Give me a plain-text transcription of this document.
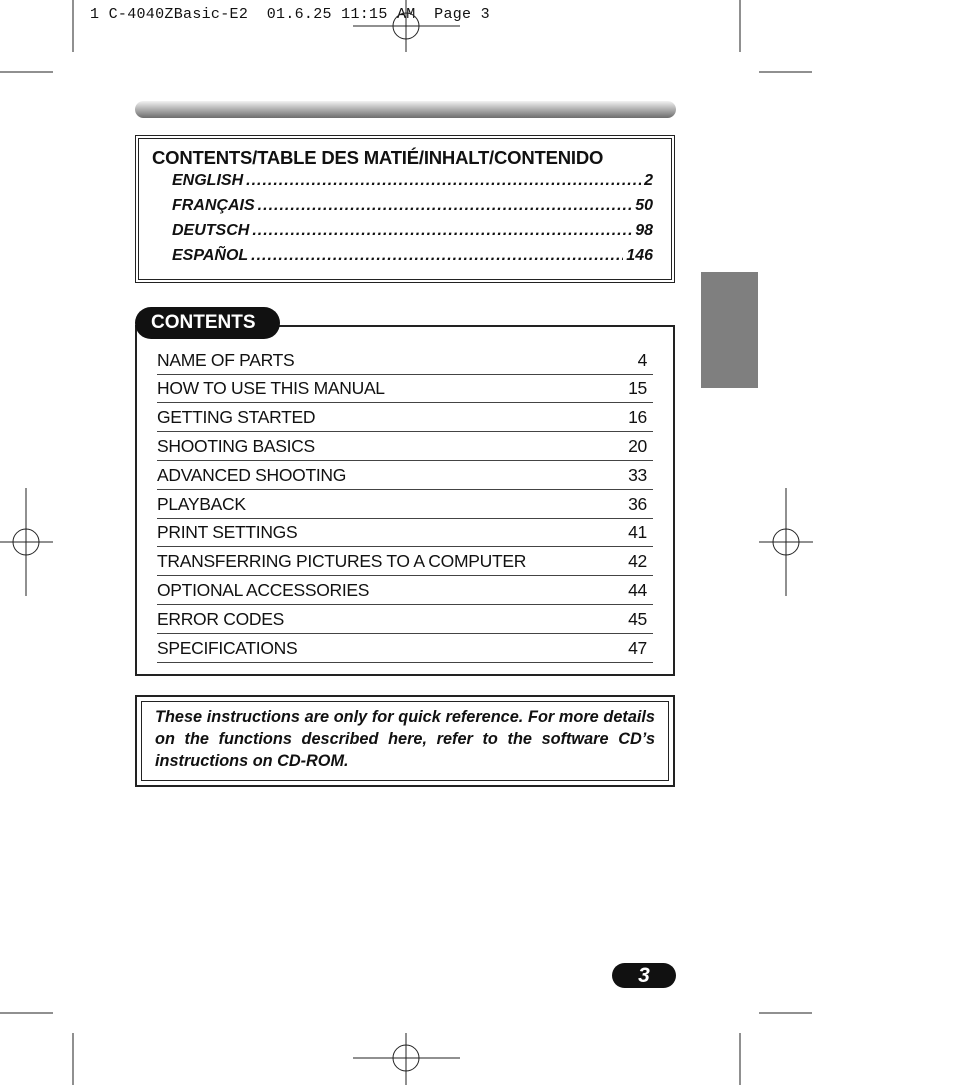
1 C-4040ZBasic-E2  01.6.25 11:15 AM  Page 3
CONTENTS/TABLE DES MATIÉ/INHALT/CONTENIDO
ENGLISH .....	2
FRANÇAIS .....	50
DEUTSCH .....	98
ESPAÑOL .....	146
CONTENTS
NAME OF PARTS	4
HOW TO USE THIS MANUAL	15
GETTING STARTED	16
SHOOTING BASICS	20
ADVANCED SHOOTING	33
PLAYBACK	36
PRINT SETTINGS	41
TRANSFERRING PICTURES TO A COMPUTER	42
OPTIONAL ACCESSORIES	44
ERROR CODES	45
SPECIFICATIONS	47
These instructions are only for quick reference. For more details on the functions described here, refer to the software CD’s instructions on CD-ROM.
3
